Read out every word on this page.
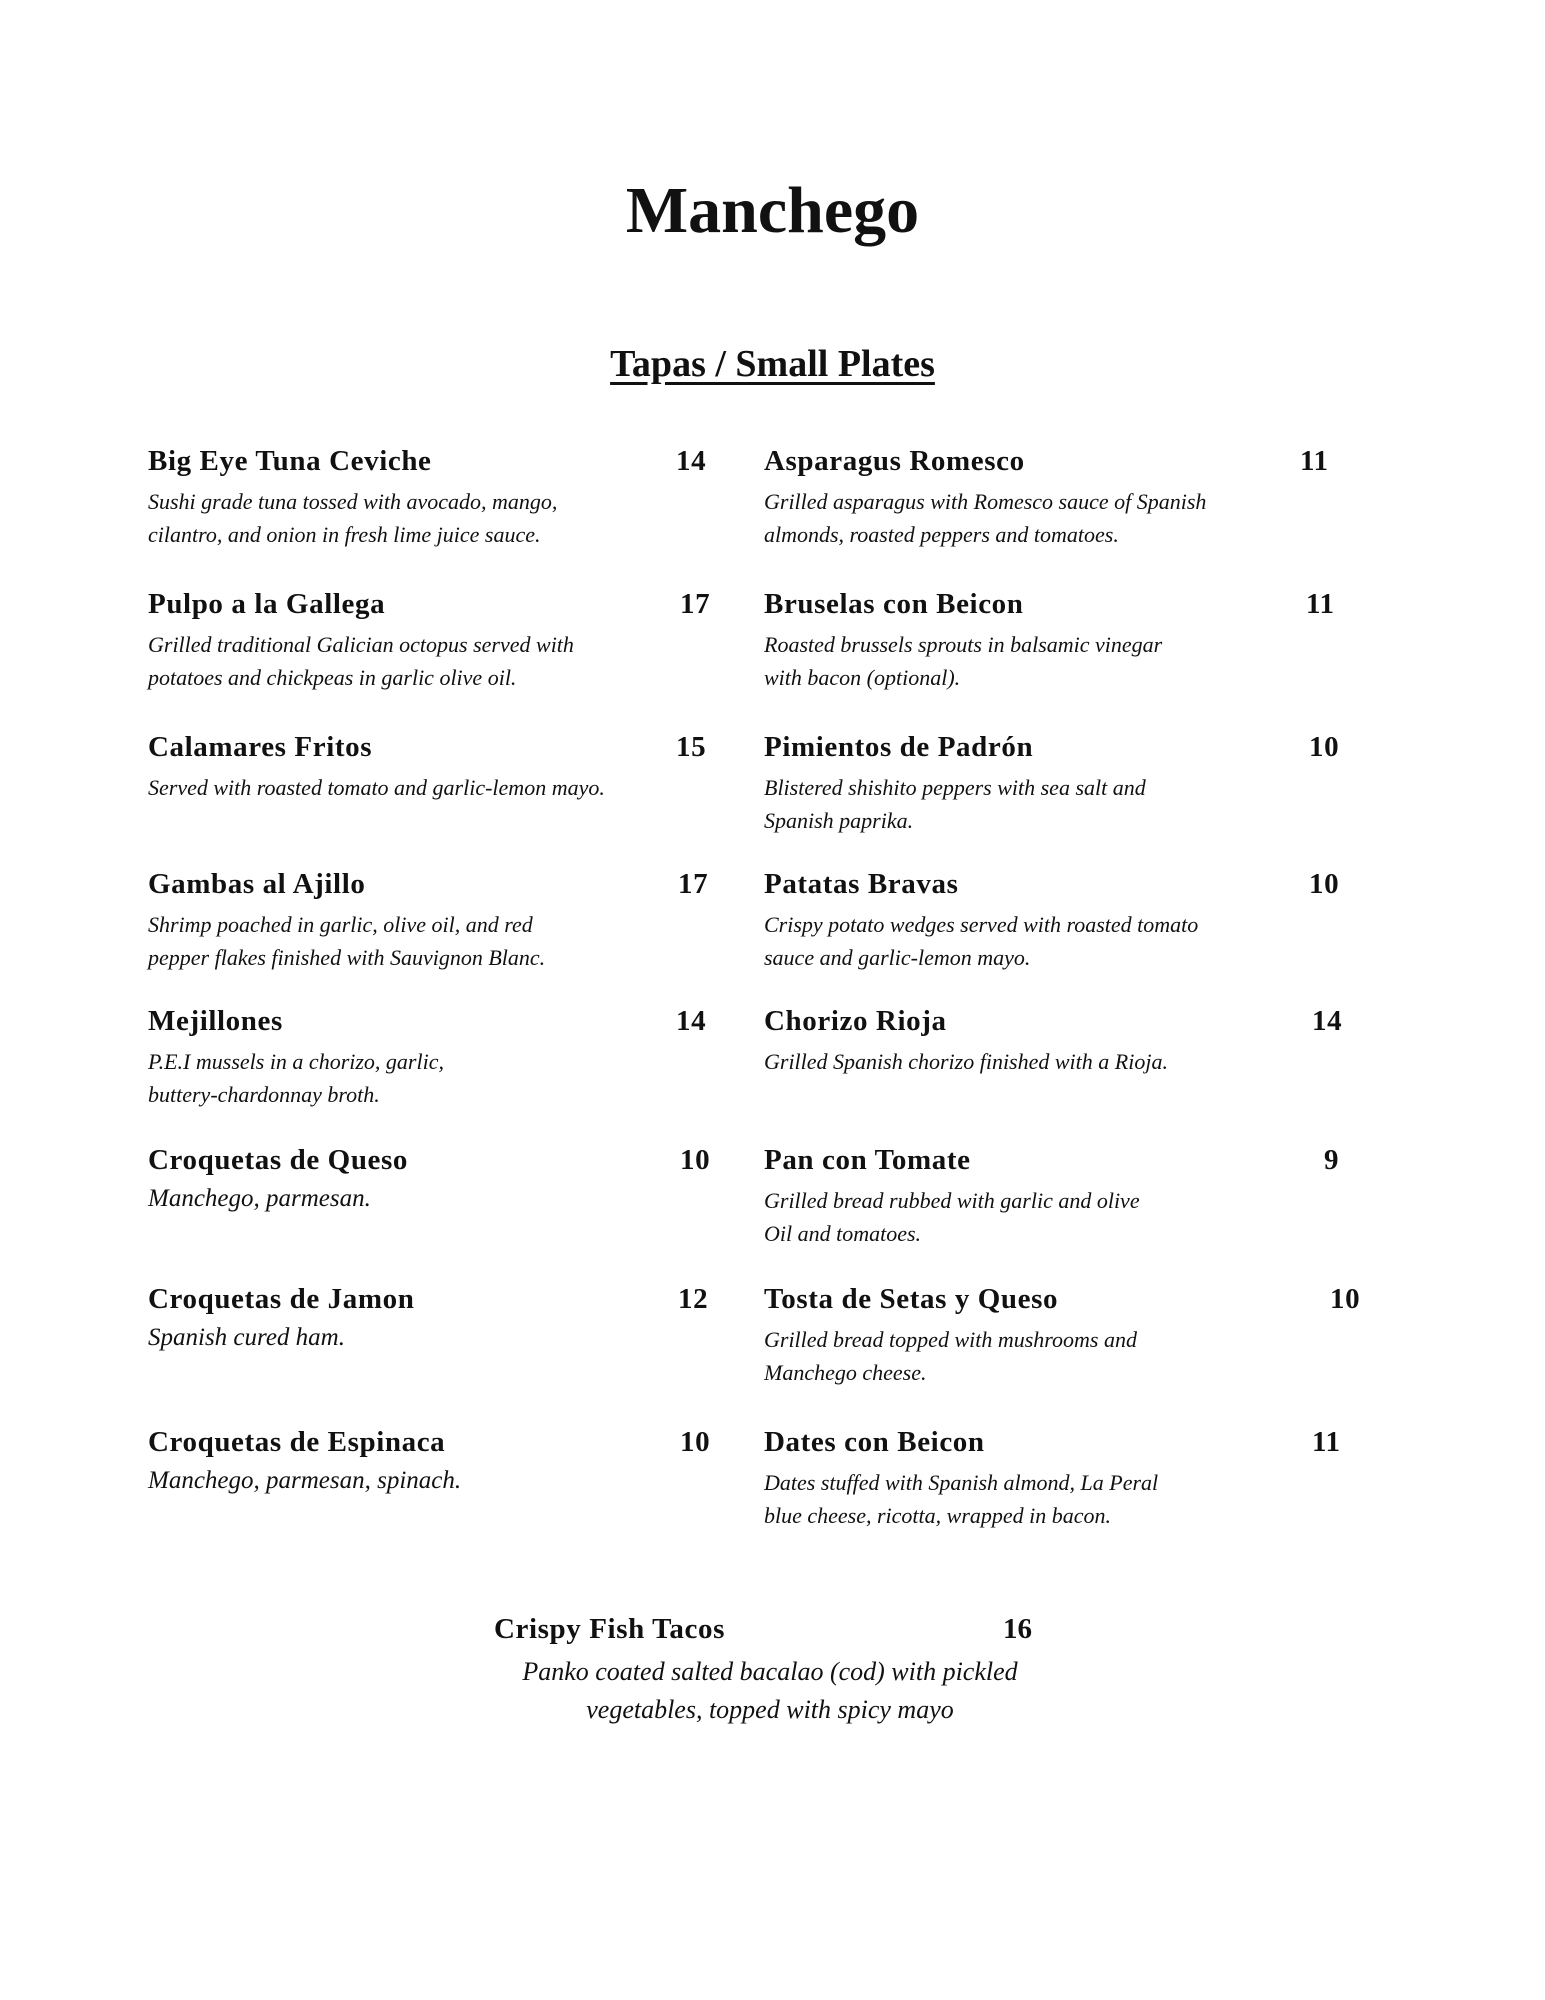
Manchego
Tapas / Small Plates
Big Eye Tuna Ceviche	14
Sushi grade tuna tossed with avocado, mango,
cilantro, and onion in fresh lime juice sauce.
Pulpo a la Gallega	17
Grilled traditional Galician octopus served with
potatoes and chickpeas in garlic olive oil.
Calamares Fritos	15
Served with roasted tomato and garlic-lemon mayo.
Gambas al Ajillo	17
Shrimp poached in garlic, olive oil, and red
pepper flakes finished with Sauvignon Blanc.
Mejillones	14
P.E.I mussels in a chorizo, garlic,
buttery-chardonnay broth.
Croquetas de Queso	10
Manchego, parmesan.
Croquetas de Jamon	12
Spanish cured ham.
Croquetas de Espinaca	10
Manchego, parmesan, spinach.
Asparagus Romesco	11
Grilled asparagus with Romesco sauce of Spanish
almonds, roasted peppers and tomatoes.
Bruselas con Beicon	11
Roasted brussels sprouts in balsamic vinegar
with bacon (optional).
Pimientos de Padrón	10
Blistered shishito peppers with sea salt and
Spanish paprika.
Patatas Bravas	10
Crispy potato wedges served with roasted tomato
sauce and garlic-lemon mayo.
Chorizo Rioja	14
Grilled Spanish chorizo finished with a Rioja.
Pan con Tomate	9
Grilled bread rubbed with garlic and olive
Oil and tomatoes.
Tosta de Setas y Queso	10
Grilled bread topped with mushrooms and
Manchego cheese.
Dates con Beicon	11
Dates stuffed with Spanish almond, La Peral
blue cheese, ricotta, wrapped in bacon.
Crispy Fish Tacos	16
Panko coated salted bacalao (cod) with pickled
vegetables, topped with spicy mayo
